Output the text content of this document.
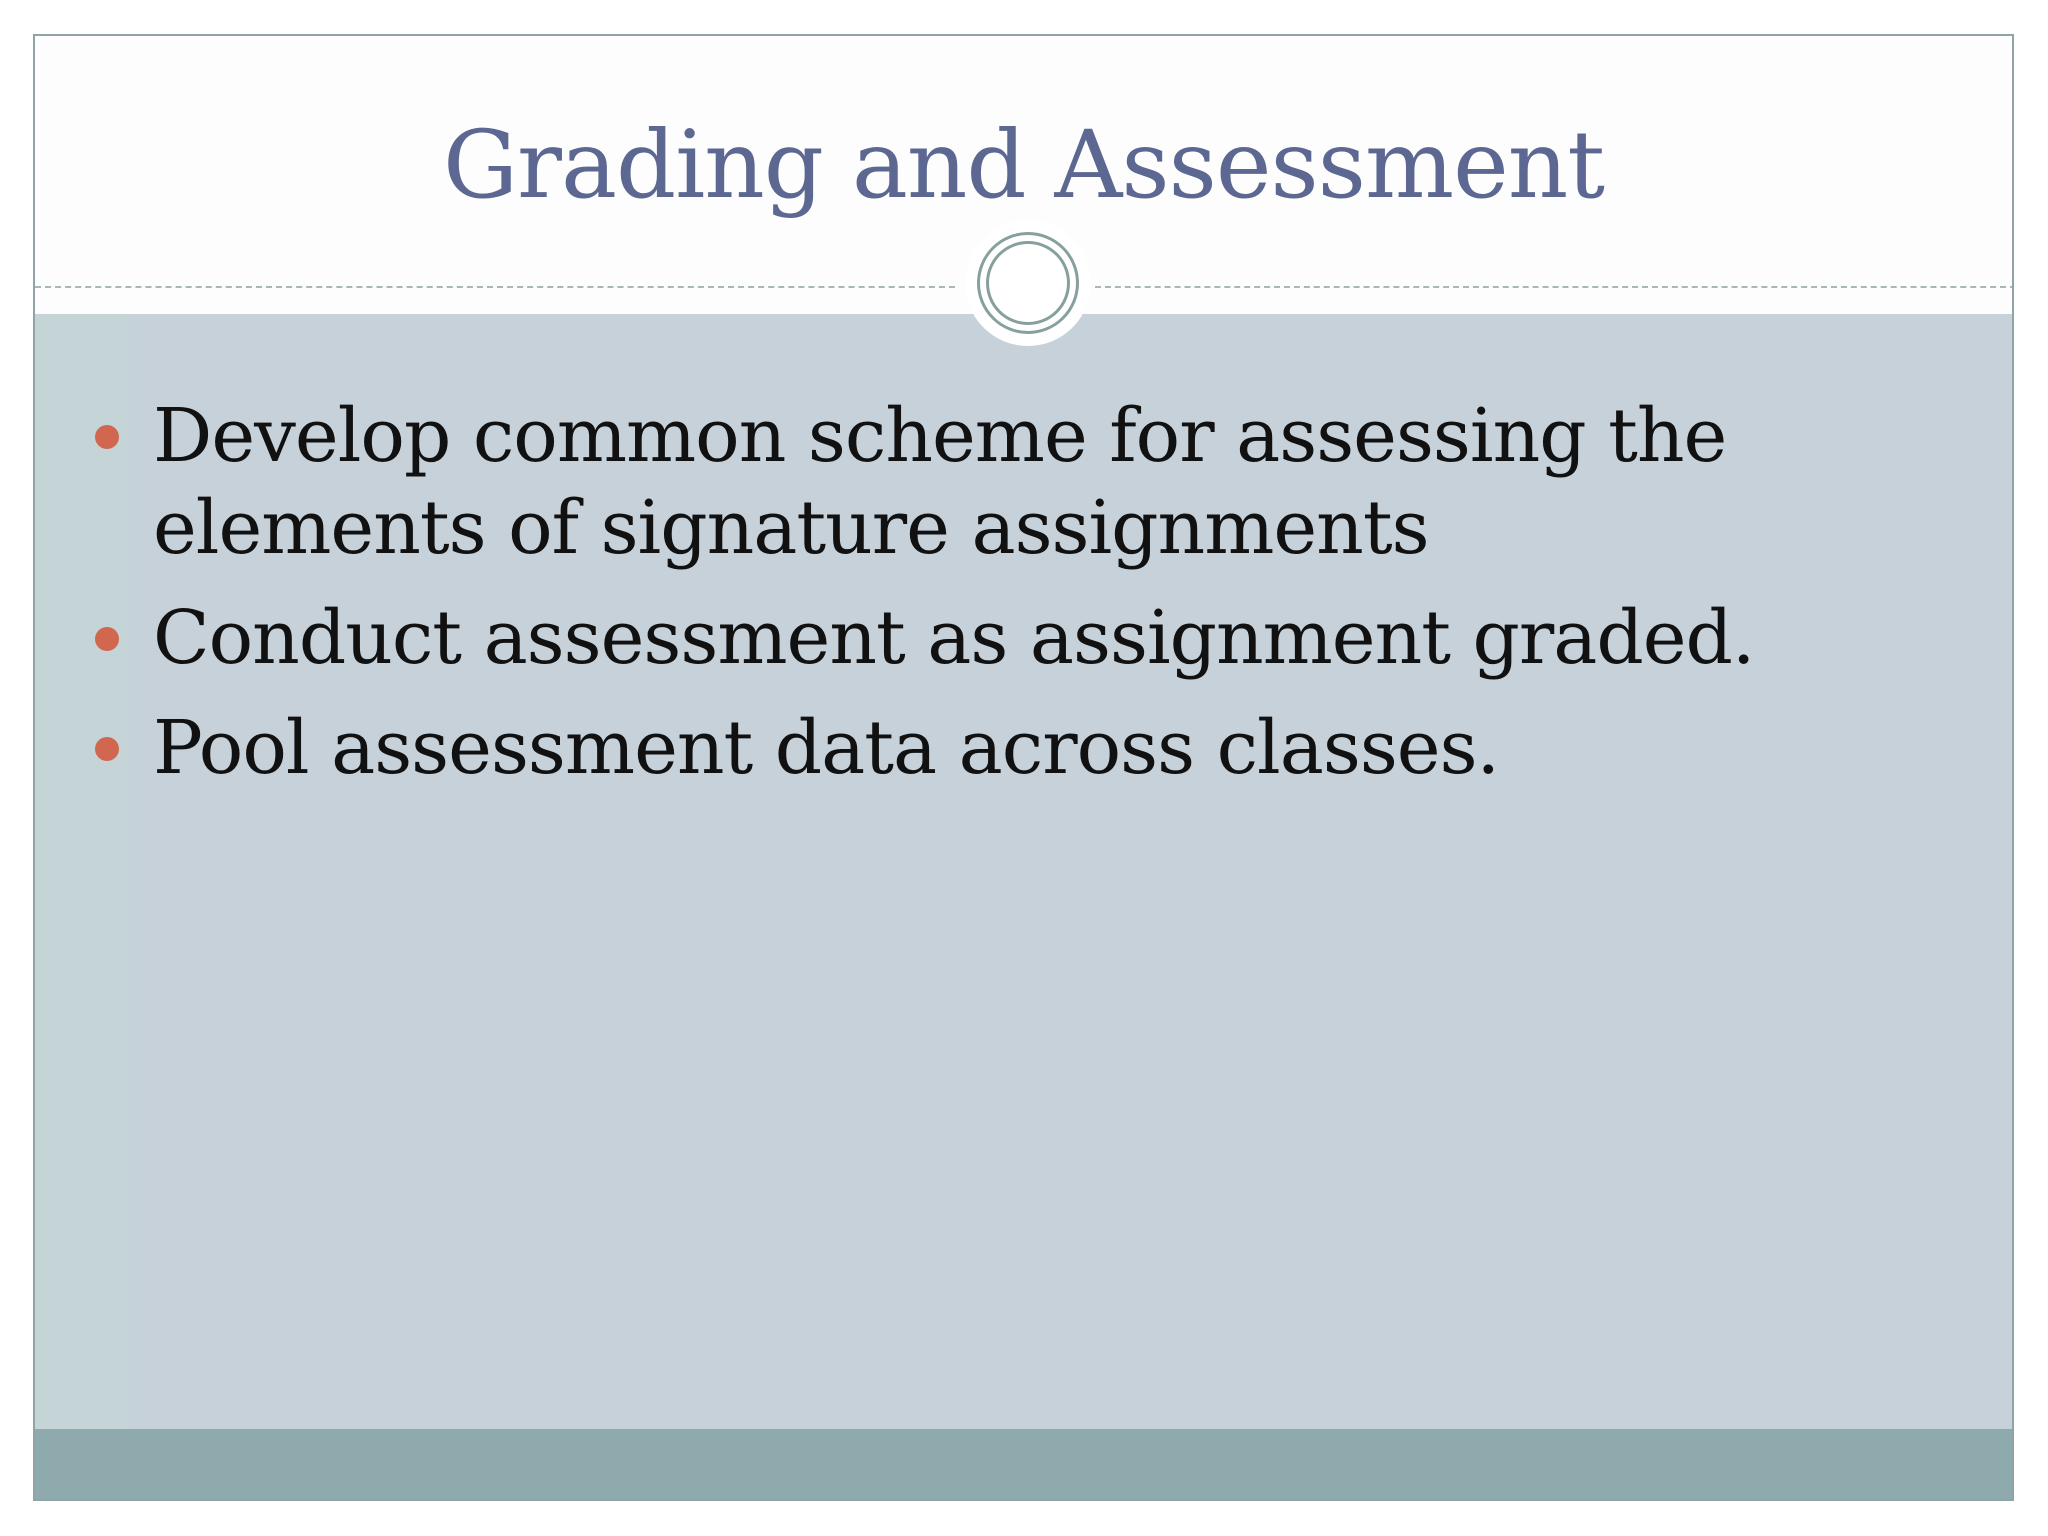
Grading and Assessment
Develop common scheme for assessing the elements of signature assignments
Conduct assessment as assignment graded.
Pool assessment data across classes.
